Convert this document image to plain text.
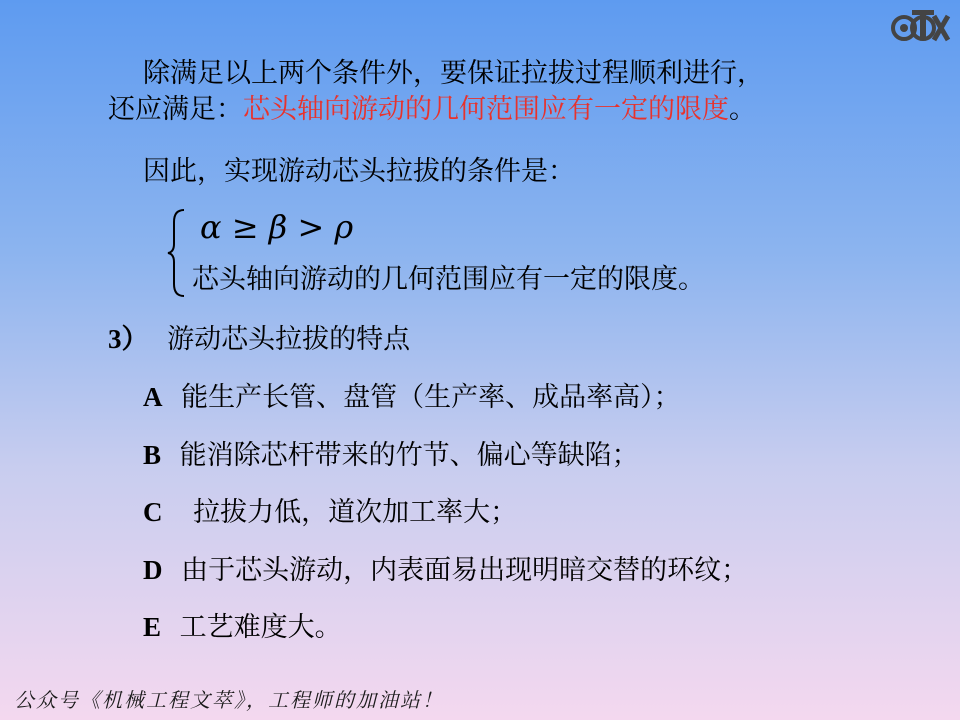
除满足以上两个条件外，要保证拉拔过程顺利进行，
还应满足：芯头轴向游动的几何范围应有一定的限度。
因此，实现游动芯头拉拔的条件是：
α ≥ β > ρ
芯头轴向游动的几何范围应有一定的限度。
3） 游动芯头拉拔的特点
A 能生产长管、盘管（生产率、成品率高）；
B 能消除芯杆带来的竹节、偏心等缺陷；
C 拉拔力低，道次加工率大；
D 由于芯头游动，内表面易出现明暗交替的环纹；
E 工艺难度大。
公众号《机械工程文萃》，工程师的加油站！
